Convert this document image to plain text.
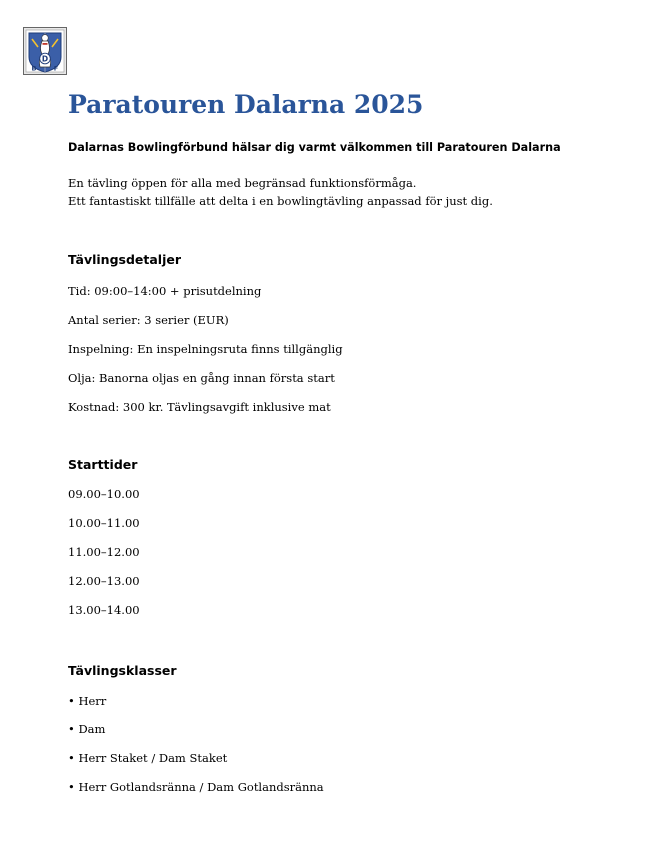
D
B	F
Paratouren Dalarna 2025

Dalarnas Bowlingförbund hälsar dig varmt välkommen till Paratouren Dalarna

En tävling öppen för alla med begränsad funktionsförmåga.
Ett fantastiskt tillfälle att delta i en bowlingtävling anpassad för just dig.

Tävlingsdetaljer

Tid: 09:00–14:00 + prisutdelning

Antal serier: 3 serier (EUR)

Inspelning: En inspelningsruta finns tillgänglig

Olja: Banorna oljas en gång innan första start

Kostnad: 300 kr. Tävlingsavgift inklusive mat

Starttider

09.00–10.00

10.00–11.00

11.00–12.00

12.00–13.00

13.00–14.00

Tävlingsklasser

• Herr

• Dam

• Herr Staket / Dam Staket

• Herr Gotlandsränna / Dam Gotlandsränna
